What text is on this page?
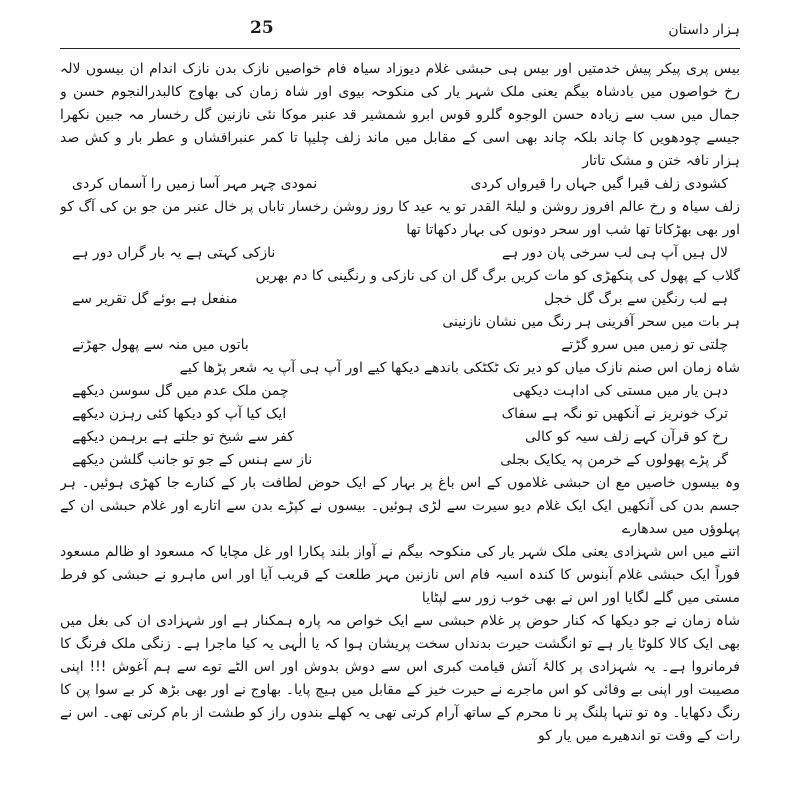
25	ہزار داستان

بیس پری پیکر پیش خدمتیں اور بیس ہی حبشی غلام دیوزاد سیاہ فام خواصیں نازک بدن نازک اندام ان بیسوں لالہ رخ خواصوں میں بادشاہ بیگم یعنی ملک شہر یار کی منکوحہ بیوی اور شاہ زمان کی بھاوج کالبدرالنجوم حسن و جمال میں سب سے زیادہ حسن الوجوہ گلرو قوس ابرو شمشیر قد عنبر موکا نئی نازنین گل رخسار مہ جبین نکھرا جیسے چودھویں کا چاند بلکہ چاند بھی اسی کے مقابل میں ماند زلف چلیپا تا کمر عنبرافشاں و عطر بار و کش صد ہزار نافہ ختن و مشک تاتار

کشودی زلف قیرا گیں جہاں را قیرواں کردی
نمودی چہر مہر آسا زمیں را آسماں کردی

زلف سیاہ و رخ عالم افروز روشن و لیلۃ القدر تو یہ عید کا روز روشن رخسار تاباں پر خال عنبر من جو بن کی آگ کو اور بھی بھڑکاتا تھا شب اور سحر دونوں کی بہار دکھاتا تھا

لال ہیں آپ ہی لب سرخی پان دور ہے
نازکی کہتی ہے یہ بار گراں دور ہے

گلاب کے پھول کی پنکھڑی کو مات کریں برگ گل ان کی نازکی و رنگینی کا دم بھریں

ہے لب رنگین سے برگ گل خجل
منفعل ہے بوئے گل تقریر سے

ہر بات میں سحر آفرینی ہر رنگ میں نشان نازنینی

چلتی تو زمیں میں سرو گڑتے
باتوں میں منہ سے پھول جھڑتے

شاہ زمان اس صنم نازک میاں کو دیر تک ٹکٹکی باندھے دیکھا کیے اور آپ ہی آپ یہ شعر پڑھا کیے

دہن یار میں مستی کی اداہت دیکھی
چمن ملک عدم میں گل سوسن دیکھے
ترک خونریز نے آنکھیں تو نگہ ہے سفاک
ایک کیا آپ کو دیکھا کئی رہزن دیکھے
رخ کو قرآن کہے زلف سیہ کو کالی
کفر سے شیخ تو جلتے ہے برہمن دیکھے
گر پڑے پھولوں کے خرمن پہ یکایک بجلی
ناز سے ہنس کے جو تو جانب گلشن دیکھے

وہ بیسوں خاصیں مع ان حبشی غلاموں کے اس باغ پر بہار کے ایک حوض لطافت بار کے کنارے جا کھڑی ہوئیں۔ ہر جسم بدن کی آنکھیں ایک ایک غلام دیو سیرت سے لڑی ہوئیں۔ بیسوں نے کپڑے بدن سے اتارے اور غلام حبشی ان کے پہلوؤں میں سدھارے

اتنے میں اس شہزادی یعنی ملک شہر یار کی منکوحہ بیگم نے آواز بلند پکارا اور غل مچایا کہ مسعود او ظالم مسعود فوراً ایک حبشی غلام آبنوس کا کندہ اسیہ فام اس نازنین مہر طلعت کے قریب آیا اور اس ماہرو نے حبشی کو فرط مستی میں گلے لگایا اور اس نے بھی خوب زور سے لپٹایا

شاہ زمان نے جو دیکھا کہ کنار حوض پر غلام حبشی سے ایک خواص مہ پارہ ہمکنار ہے اور شہزادی ان کی بغل میں بھی ایک کالا کلوٹا یار ہے تو انگشت حیرت بدنداں سخت پریشان ہوا کہ یا الٰہی یہ کیا ماجرا ہے۔ زنگی ملک فرنگ کا فرمانروا ہے۔ یہ شہزادی پر کالۂ آتش قیامت کبری اس سے دوش بدوش اور اس الٹے توے سے ہم آغوش !!! اپنی مصیبت اور اپنی بے وفائی کو اس ماجرے نے حیرت خیز کے مقابل میں ہیچ پایا۔ بھاوج نے اور بھی بڑھ کر بے سوا پن کا رنگ دکھایا۔ وہ تو تنہا پلنگ پر نا محرم کے ساتھ آرام کرتی تھی یہ کھلے بندوں راز کو طشت از بام کرتی تھی۔ اس نے رات کے وقت تو اندھیرے میں یار کو
